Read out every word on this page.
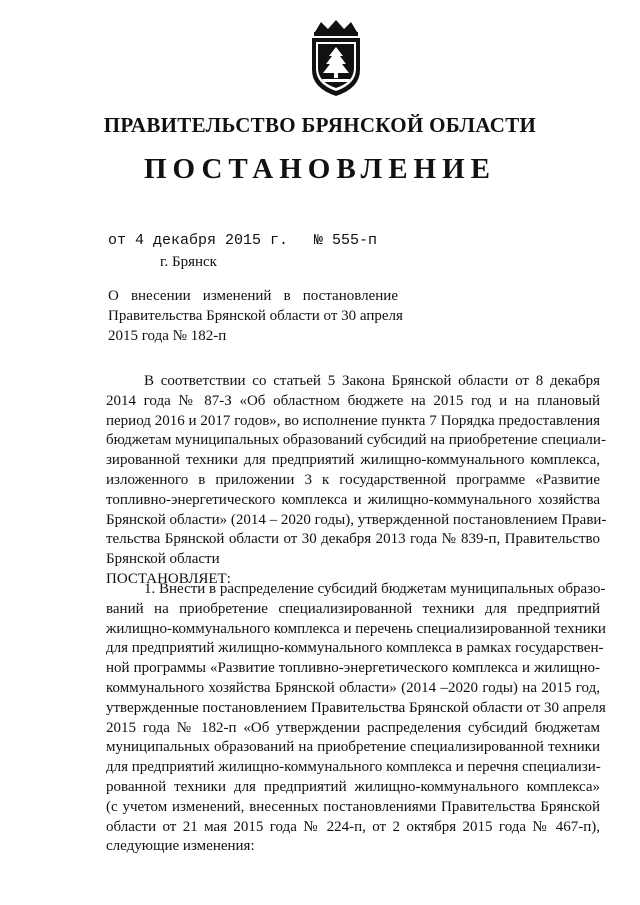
ПРАВИТЕЛЬСТВО БРЯНСКОЙ ОБЛАСТИ
ПОСТАНОВЛЕНИЕ
от 4 декабря 2015 г. № 555-п
г. Брянск
О внесении изменений в постановление
Правительства Брянской области от 30 апреля
2015 года № 182-п
В соответствии со статьей 5 Закона Брянской области от 8 декабря
2014 года № 87-З «Об областном бюджете на 2015 год и на плановый
период 2016 и 2017 годов», во исполнение пункта 7 Порядка предоставления
бюджетам муниципальных образований субсидий на приобретение специали-
зированной техники для предприятий жилищно-коммунального комплекса,
изложенного в приложении 3 к государственной программе «Развитие
топливно-энергетического комплекса и жилищно-коммунального хозяйства
Брянской области» (2014 – 2020 годы), утвержденной постановлением Прави-
тельства Брянской области от 30 декабря 2013 года № 839-п, Правительство
Брянской области
ПОСТАНОВЛЯЕТ:
1. Внести в распределение субсидий бюджетам муниципальных образо-
ваний на приобретение специализированной техники для предприятий
жилищно-коммунального комплекса и перечень специализированной техники
для предприятий жилищно-коммунального комплекса в рамках государствен-
ной программы «Развитие топливно-энергетического комплекса и жилищно-
коммунального хозяйства Брянской области» (2014 –2020 годы) на 2015 год,
утвержденные постановлением Правительства Брянской области от 30 апреля
2015 года № 182-п «Об утверждении распределения субсидий бюджетам
муниципальных образований на приобретение специализированной техники
для предприятий жилищно-коммунального комплекса и перечня специализи-
рованной техники для предприятий жилищно-коммунального комплекса»
(с учетом изменений, внесенных постановлениями Правительства Брянской
области от 21 мая 2015 года № 224-п, от 2 октября 2015 года № 467-п),
следующие изменения:
